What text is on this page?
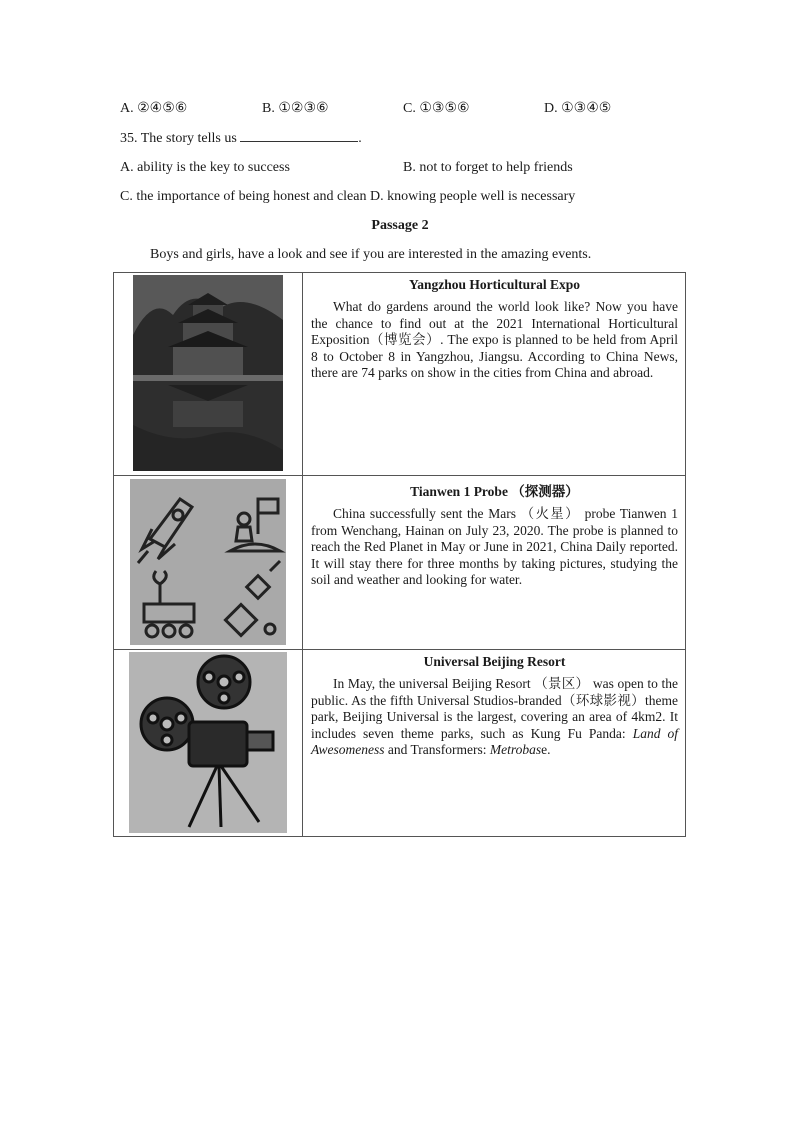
A. ②④⑤⑥	B. ①②③⑥	C. ①③⑤⑥	D. ①③④⑤
35. The story tells us	.
A. ability is the key to success	B. not to forget to help friends
C. the importance of being honest and clean D. knowing people well is necessary
Passage 2
Boys and girls, have a look and see if you are interested in the amazing events.

Yangzhou Horticultural Expo

What do gardens around the world look like? Now you have the chance to find out at the 2021 International Horticultural Exposition（博览会）. The expo is planned to be held from April 8 to October 8 in Yangzhou, Jiangsu. According to China News, there are 74 parks on show in the cities from China and abroad.

Tianwen 1 Probe （探测器）

China successfully sent the Mars （火星） probe Tianwen 1 from Wenchang, Hainan on July 23, 2020. The probe is planned to reach the Red Planet in May or June in 2021, China Daily reported. It will stay there for three months by taking pictures, studying the soil and weather and looking for water.

Universal Beijing Resort

In May, the universal Beijing Resort （景区） was open to the public. As the fifth Universal Studios-branded（环球影视）theme park, Beijing Universal is the largest, covering an area of 4km2. It includes seven theme parks, such as Kung Fu Panda: Land of Awesomeness and Transformers: Metrobase.
